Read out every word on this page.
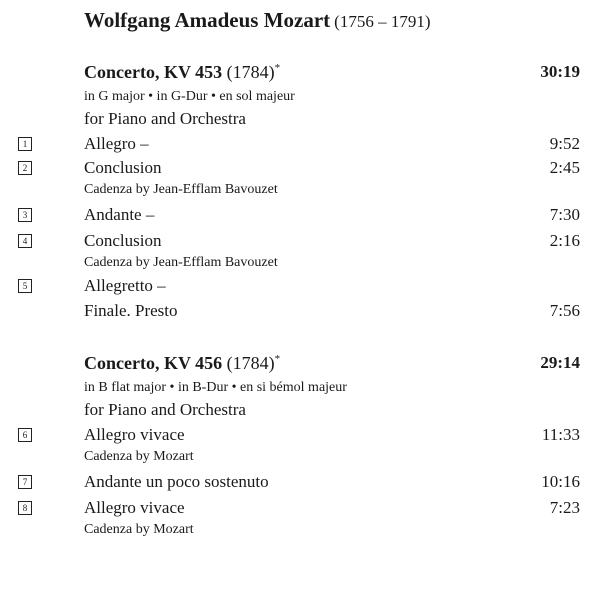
Wolfgang Amadeus Mozart (1756 – 1791)
Concerto, KV 453 (1784)*	30:19
in G major • in G-Dur • en sol majeur
for Piano and Orchestra
1	Allegro –	9:52
2	Conclusion	2:45
Cadenza by Jean-Efflam Bavouzet
3	Andante –	7:30
4	Conclusion	2:16
Cadenza by Jean-Efflam Bavouzet
5	Allegretto –
Finale. Presto	7:56
Concerto, KV 456 (1784)*	29:14
in B flat major • in B-Dur • en si bémol majeur
for Piano and Orchestra
6	Allegro vivace	11:33
Cadenza by Mozart
7	Andante un poco sostenuto	10:16
8	Allegro vivace	7:23
Cadenza by Mozart
